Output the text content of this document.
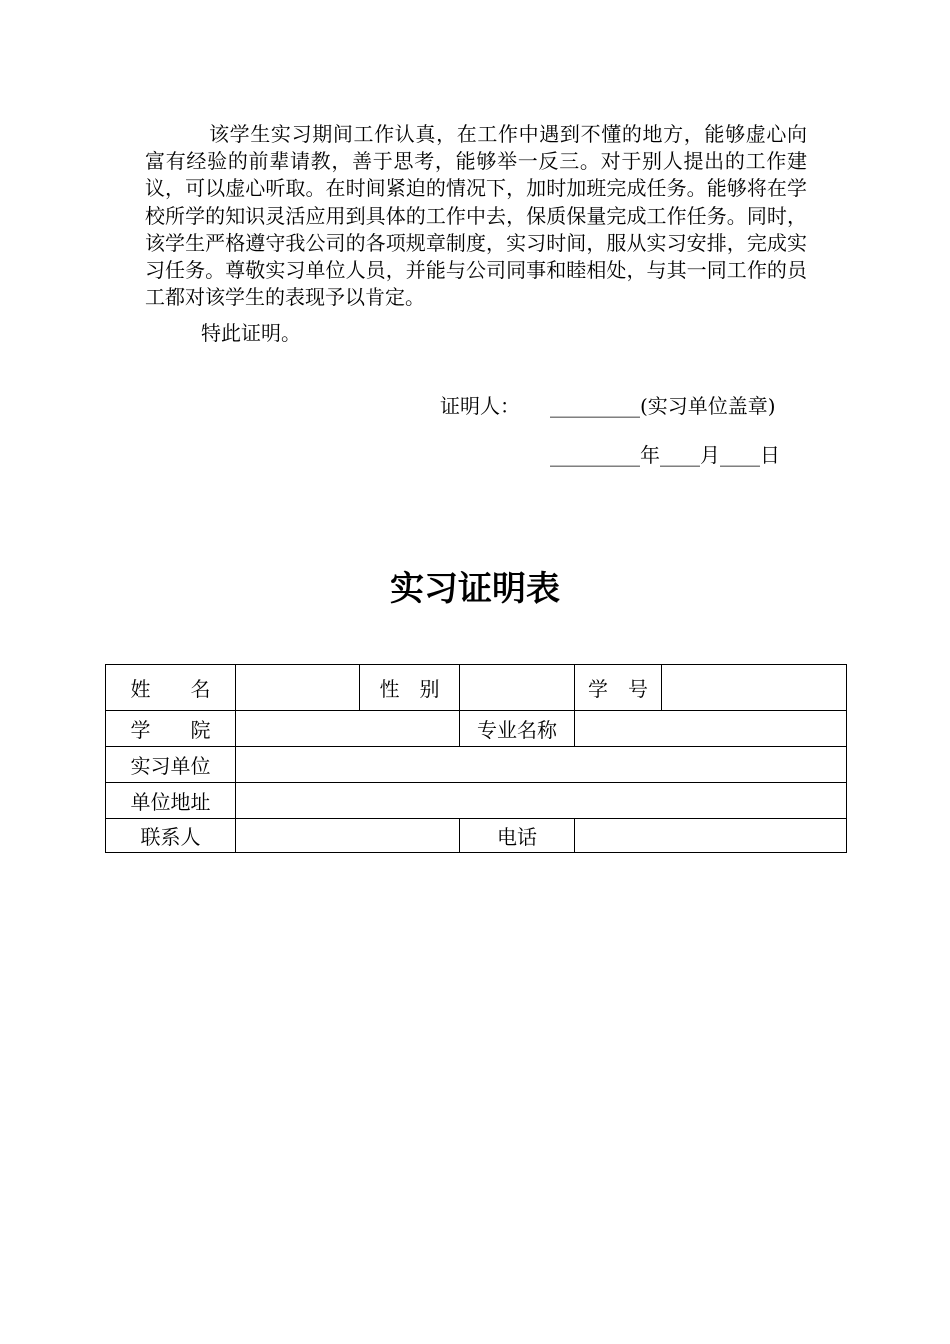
该学生实习期间工作认真，在工作中遇到不懂的地方，能够虚心向富有经验的前辈请教，善于思考，能够举一反三。对于别人提出的工作建议，可以虚心听取。在时间紧迫的情况下，加时加班完成任务。能够将在学校所学的知识灵活应用到具体的工作中去，保质保量完成工作任务。同时，该学生严格遵守我公司的各项规章制度，实习时间，服从实习安排，完成实习任务。尊敬实习单位人员，并能与公司同事和睦相处，与其一同工作的员工都对该学生的表现予以肯定。

特此证明。

证明人： _________(实习单位盖章)
_________年____月____日
实习证明表
姓　　名		性　别		学　号	
学　　院			专业名称		
实习单位					
单位地址					
联系人			电话		
